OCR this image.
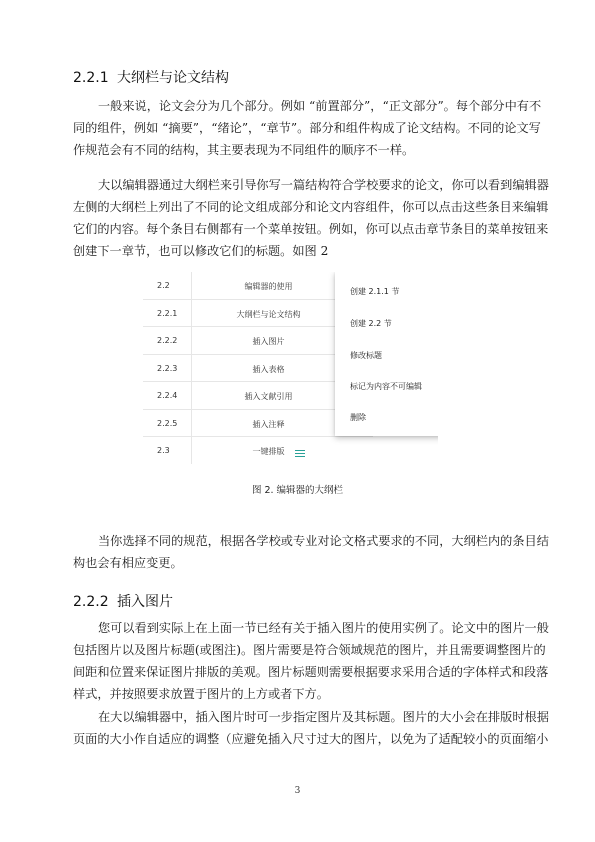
2.2.1 大纲栏与论文结构

一般来说，论文会分为几个部分。例如 “前置部分”，“正文部分”。每个部分中有不
同的组件，例如 “摘要”，“绪论”，“章节”。部分和组件构成了论文结构。不同的论文写
作规范会有不同的结构，其主要表现为不同组件的顺序不一样。

大以编辑器通过大纲栏来引导你写一篇结构符合学校要求的论文，你可以看到编辑器
左侧的大纲栏上列出了不同的论文组成部分和论文内容组件，你可以点击这些条目来编辑
它们的内容。每个条目右侧都有一个菜单按钮。例如，你可以点击章节条目的菜单按钮来
创建下一章节，也可以修改它们的标题。如图 2

2.2	编辑器的使用
2.2.1	大纲栏与论文结构
2.2.2	插入图片
2.2.3	插入表格
2.2.4	插入文献引用
2.2.5	插入注释
2.3	一键排版
创建 2.1.1 节
创建 2.2 节
修改标题
标记为内容不可编辑
删除
图 2. 编辑器的大纲栏

当你选择不同的规范，根据各学校或专业对论文格式要求的不同，大纲栏内的条目结
构也会有相应变更。

2.2.2 插入图片

您可以看到实际上在上面一节已经有关于插入图片的使用实例了。论文中的图片一般
包括图片以及图片标题(或图注)。图片需要是符合领域规范的图片，并且需要调整图片的
间距和位置来保证图片排版的美观。图片标题则需要根据要求采用合适的字体样式和段落
样式，并按照要求放置于图片的上方或者下方。

在大以编辑器中，插入图片时可一步指定图片及其标题。图片的大小会在排版时根据
页面的大小作自适应的调整（应避免插入尺寸过大的图片，以免为了适配较小的页面缩小

3
